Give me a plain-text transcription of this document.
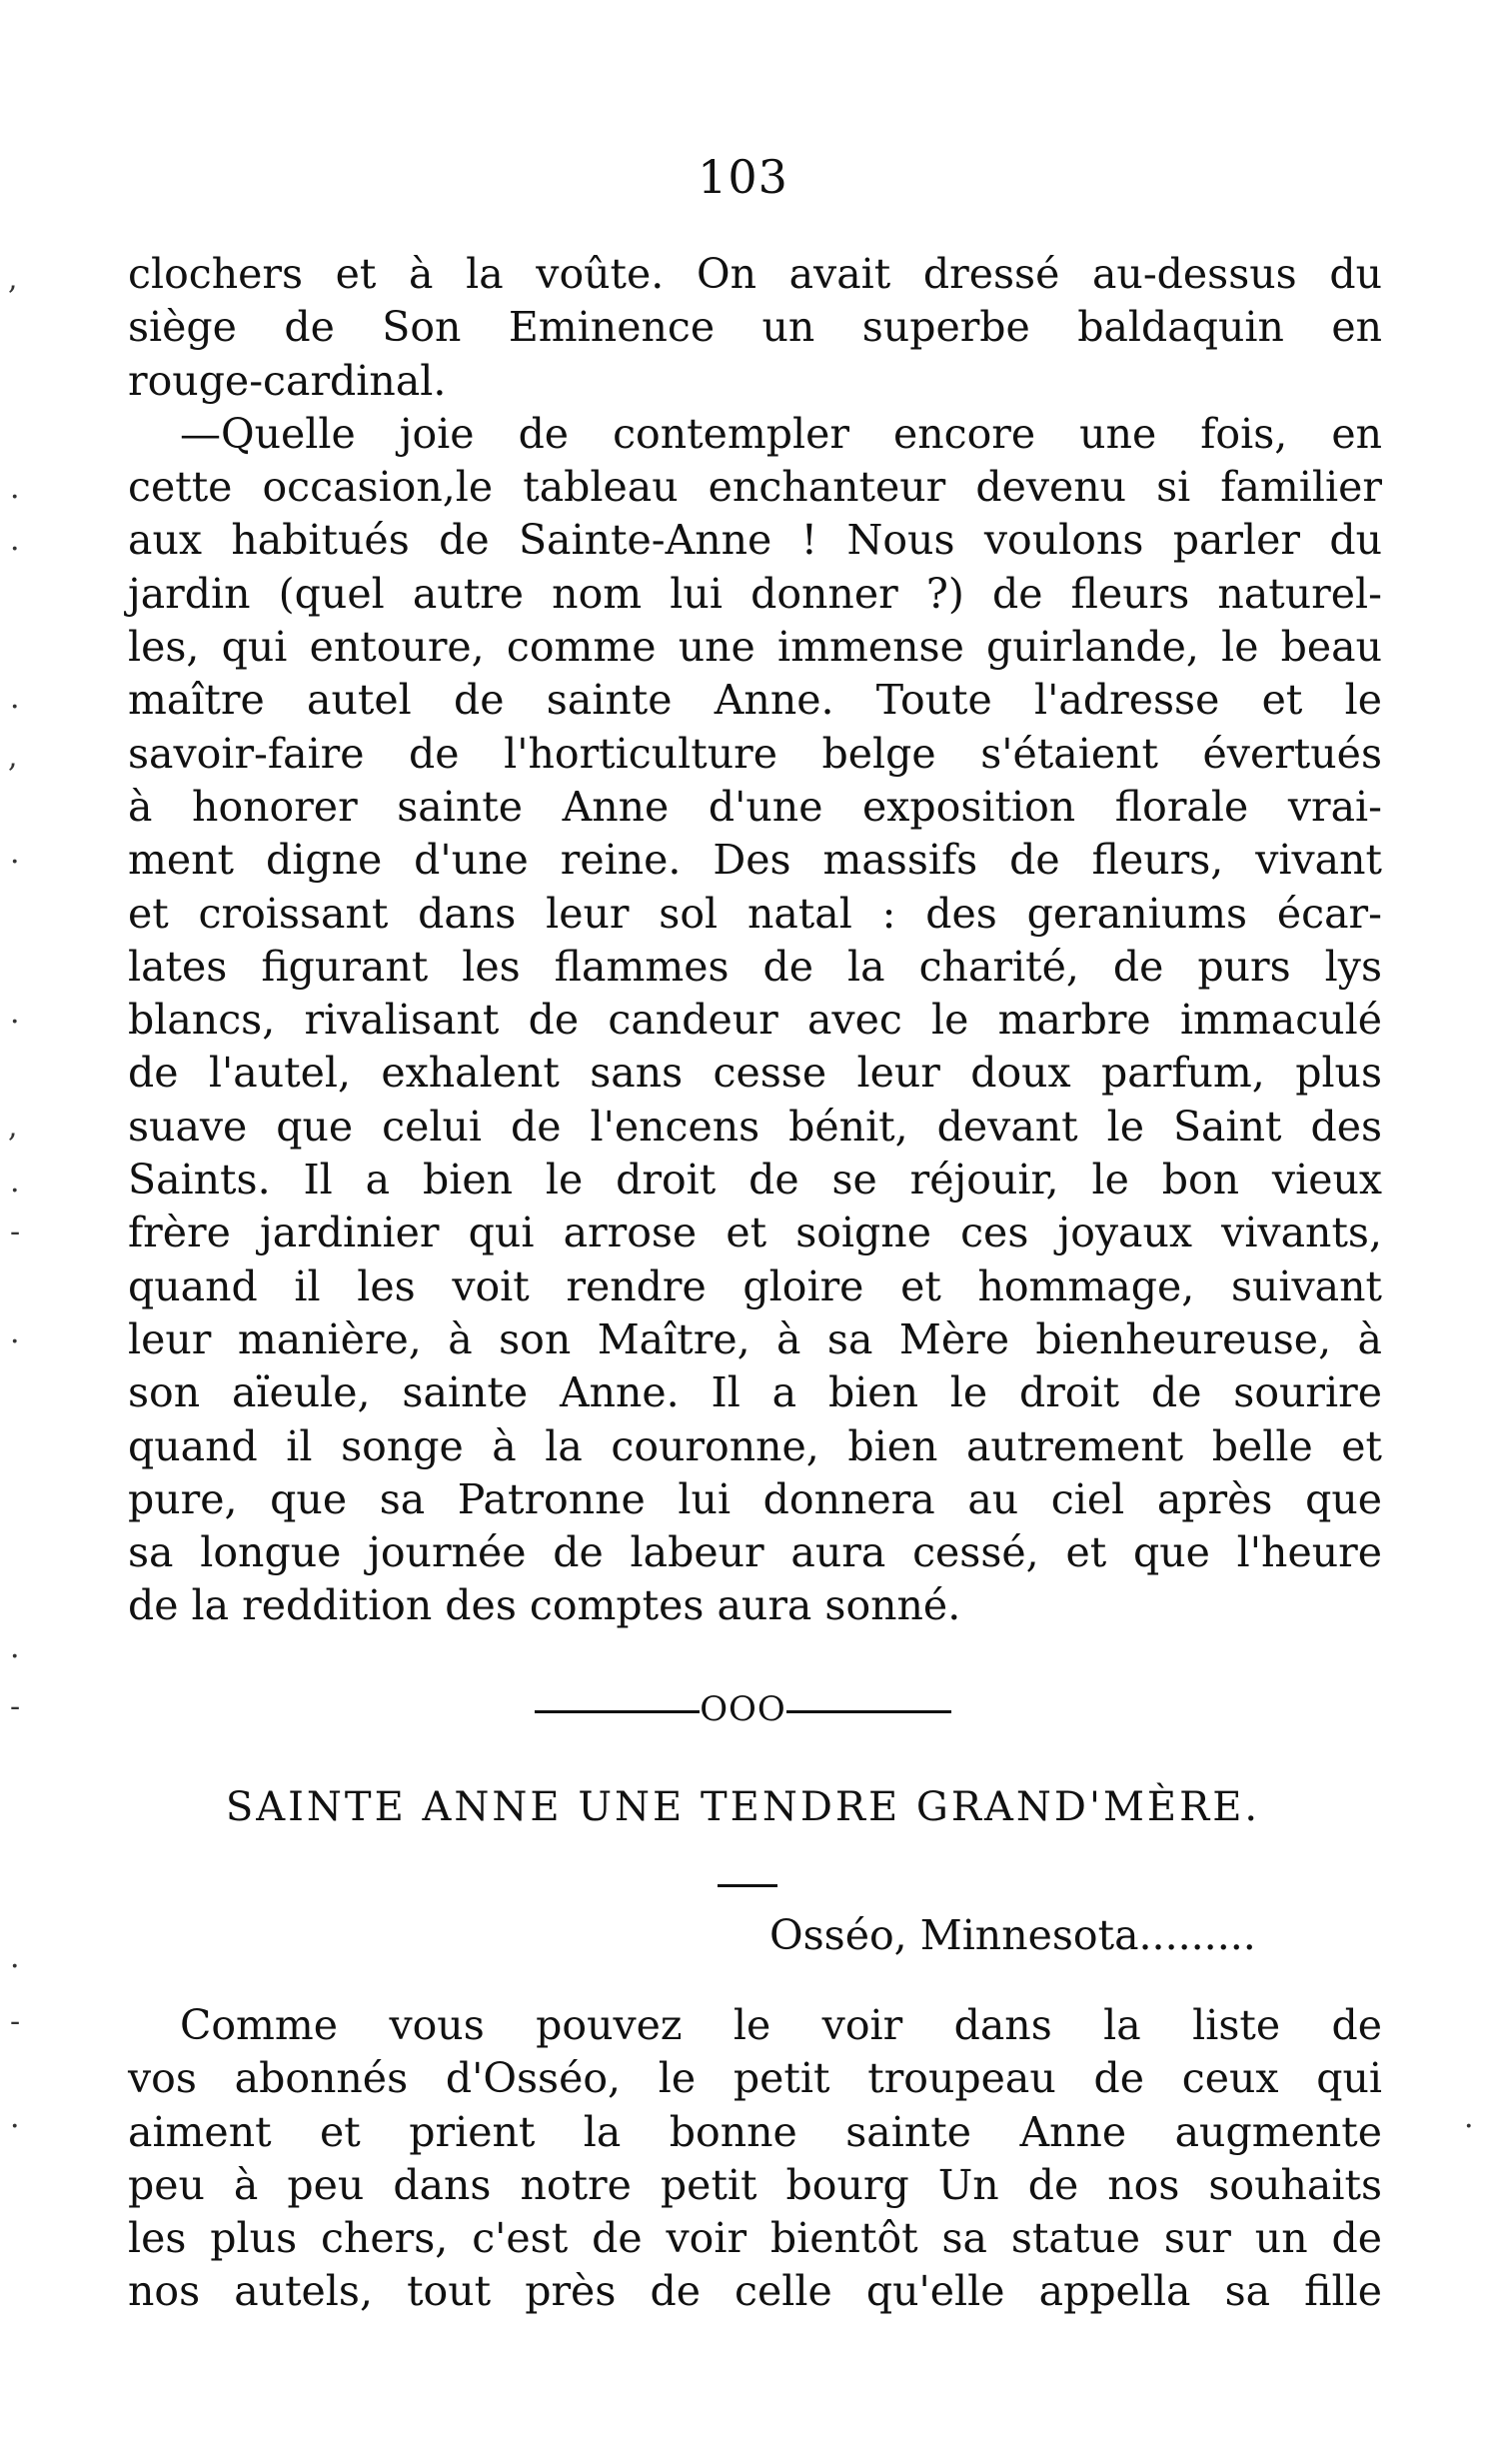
103
clochers et à la voûte. On avait dressé au-dessus du
siège de Son Eminence un superbe baldaquin en
rouge-cardinal.
—Quelle joie de contempler encore une fois, en
cette occasion,le tableau enchanteur devenu si familier
aux habitués de Sainte-Anne ! Nous voulons parler du
jardin (quel autre nom lui donner ?) de fleurs naturel-
les, qui entoure, comme une immense guirlande, le beau
maître autel de sainte Anne. Toute l'adresse et le
savoir-faire de l'horticulture belge s'étaient évertués
à honorer sainte Anne d'une exposition florale vrai-
ment digne d'une reine. Des massifs de fleurs, vivant
et croissant dans leur sol natal : des geraniums écar-
lates figurant les flammes de la charité, de purs lys
blancs, rivalisant de candeur avec le marbre immaculé
de l'autel, exhalent sans cesse leur doux parfum, plus
suave que celui de l'encens bénit, devant le Saint des
Saints. Il a bien le droit de se réjouir, le bon vieux
frère jardinier qui arrose et soigne ces joyaux vivants,
quand il les voit rendre gloire et hommage, suivant
leur manière, à son Maître, à sa Mère bienheureuse, à
son aïeule, sainte Anne. Il a bien le droit de sourire
quand il songe à la couronne, bien autrement belle et
pure, que sa Patronne lui donnera au ciel après que
sa longue journée de labeur aura cessé, et que l'heure
de la reddition des comptes aura sonné.
OOO
SAINTE ANNE UNE TENDRE GRAND'MÈRE.
Osséo, Minnesota.........
Comme vous pouvez le voir dans la liste de
vos abonnés d'Osséo, le petit troupeau de ceux qui
aiment et prient la bonne sainte Anne augmente
peu à peu dans notre petit bourg Un de nos souhaits
les plus chers, c'est de voir bientôt sa statue sur un de
nos autels, tout près de celle qu'elle appella sa fille
,
·
·
·
,
·
·
,
.
-
·
·
-
·
-
·	·
